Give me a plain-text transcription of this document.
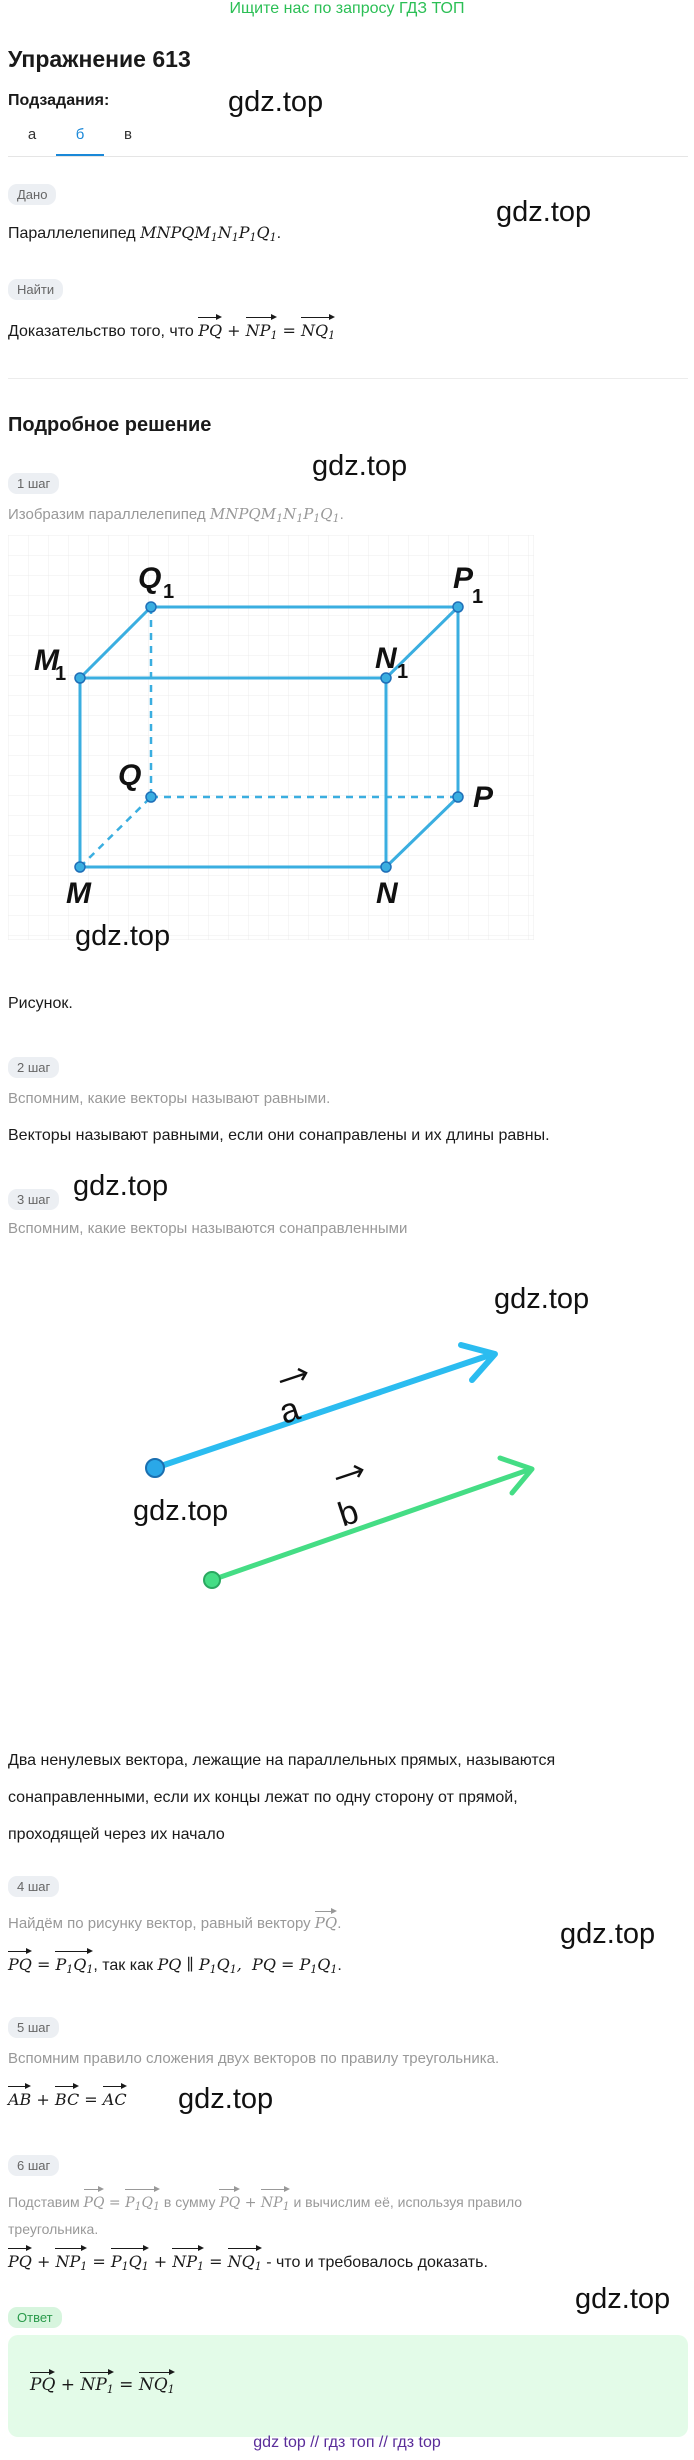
Ищите нас по запросу ГДЗ ТОП
Упражнение 613
Подзадания:	gdz.top
а	б	в
Дано
gdz.top
Параллелепипед $MNPQM_1N_1P_1Q_1$.
Найти
Доказательство того, что PQ + $NP_1 = NQ_1$
Подробное решение
gdz.top
1 шаг
Изобразим параллелепипед $MNPQM_1N_1P_1Q_1$.
M
1
Q 1	P
1
N 1
Q
P
M	N
gdz.top
Рисунок.
2 шаг
Вспомним, какие векторы называют равными.
Векторы называют равными, если они сонаправлены и их длины равны.
3 шаг gdz.top
Вспомним, какие векторы называются сонаправленными
gdz.top
a
b
gdz.top
Два ненулевых вектора, лежащие на параллельных прямых, называются
сонаправленными, если их концы лежат по одну сторону от прямой,
проходящей через их начало
4 шаг
Найдём по рисунку вектор, равный вектору PQ.	gdz.top
PQ = $P_1Q_1$, так как PQ ∥ $P_1Q_1$,  PQ = $P_1Q_1$.
5 шаг
Вспомним правило сложения двух векторов по правилу треугольника.
AB + BC = AC gdz.top
6 шаг
Подставим PQ = $P_1Q_1$ в сумму PQ + $NP_1$ и вычислим её, используя правило
треугольника.
PQ + $NP_1 = P_1Q_1 + NP_1 = NQ_1$ - что и требовалось доказать.
gdz.top
Ответ
PQ + $NP_1 = NQ_1$
gdz top // гдз топ // гдз top
